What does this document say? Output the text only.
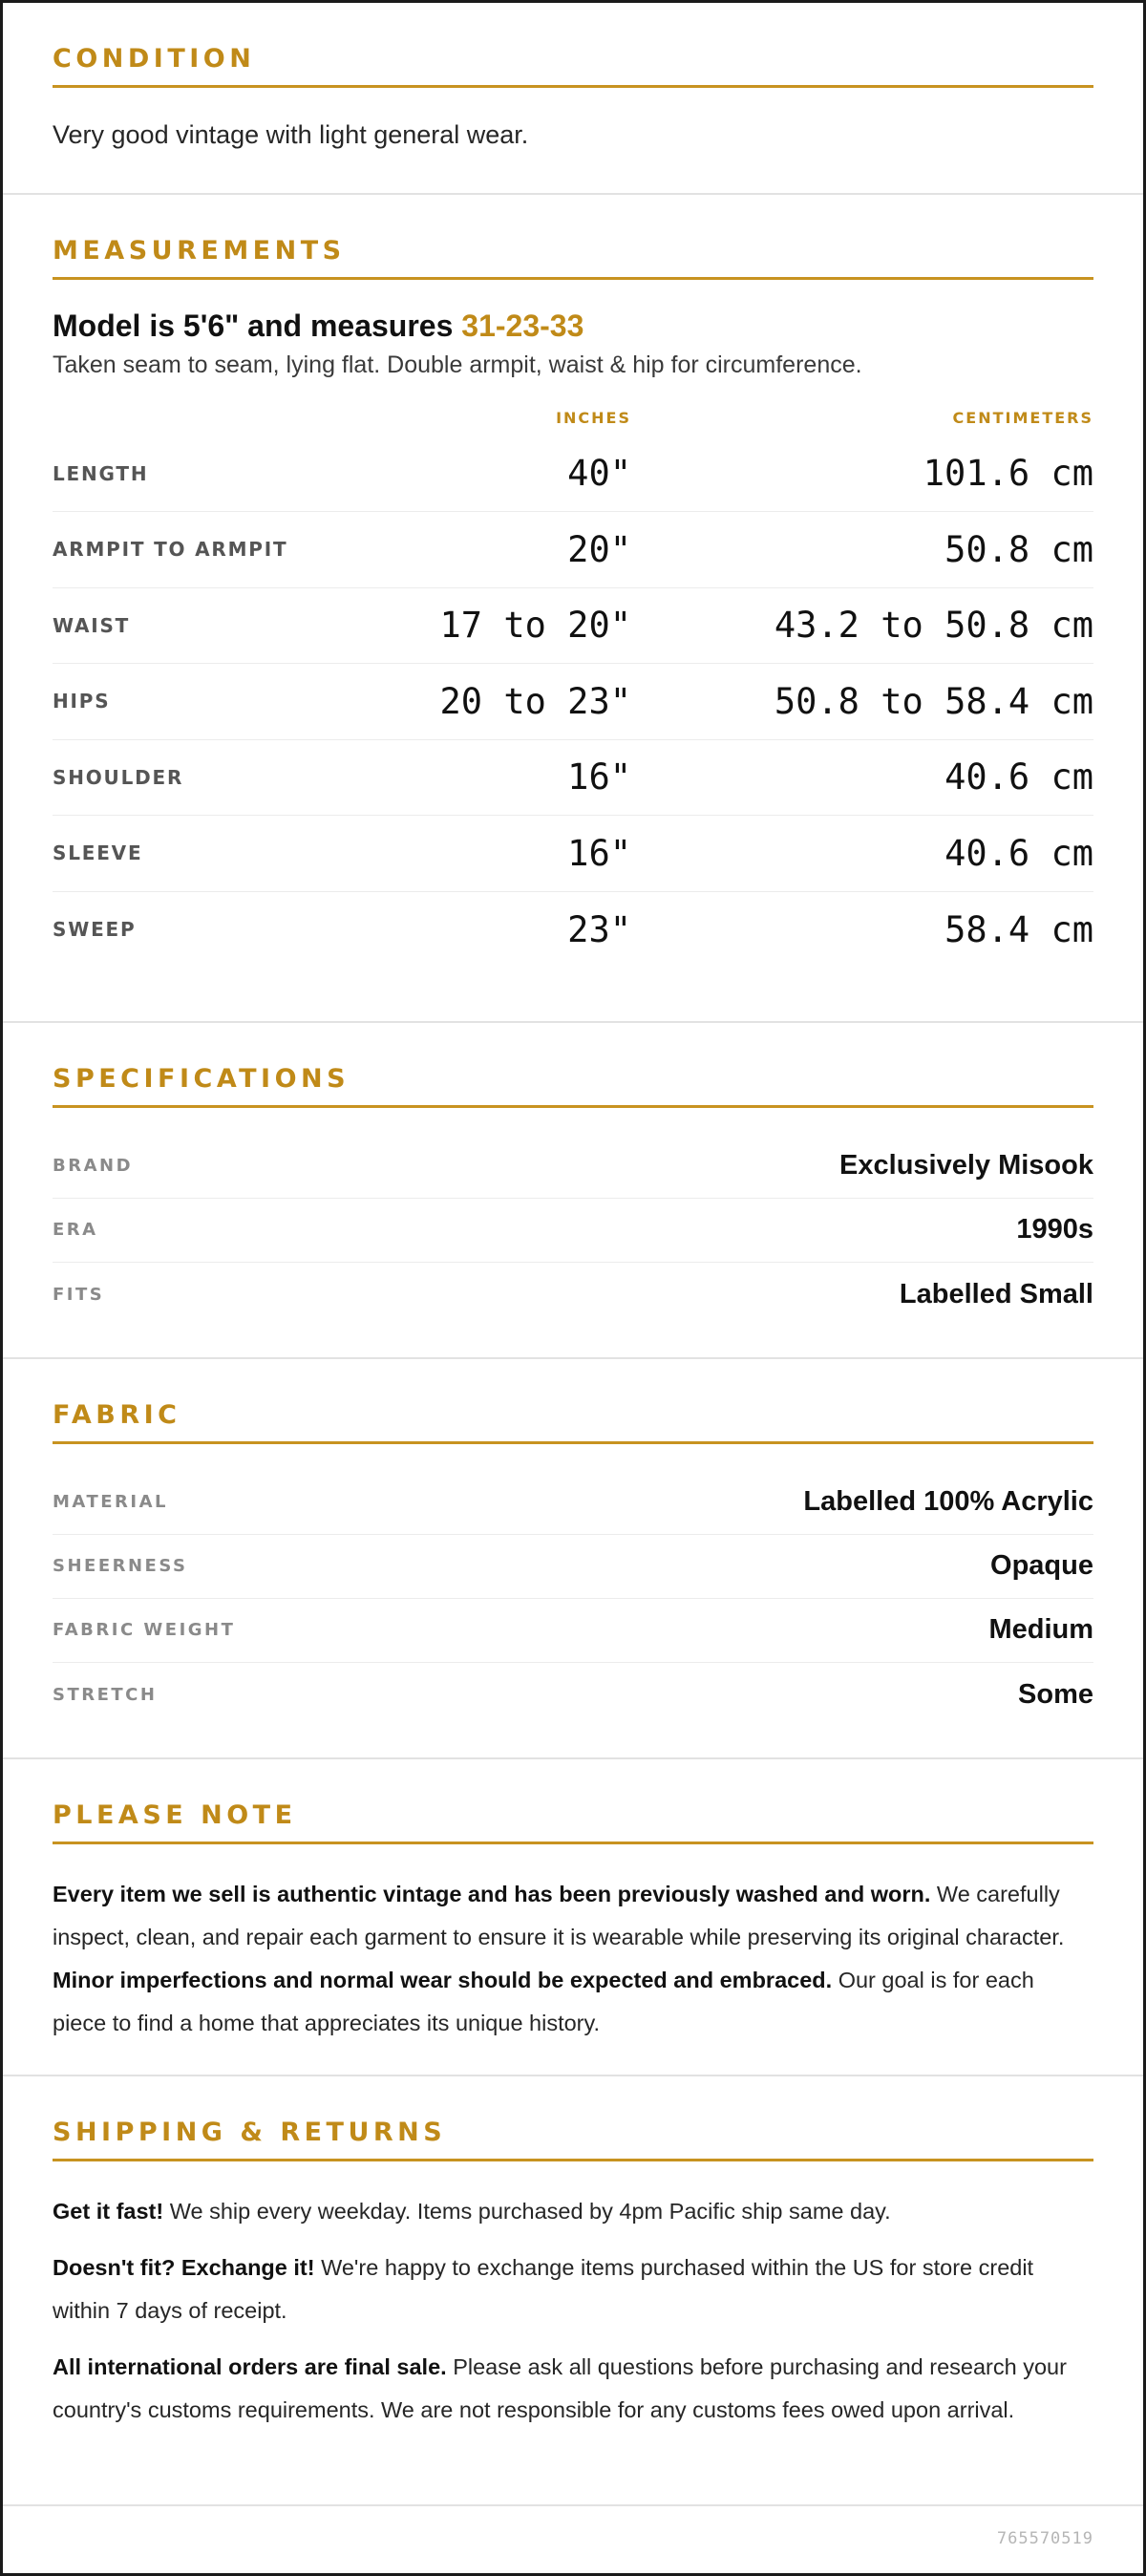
CONDITION

Very good vintage with light general wear.

MEASUREMENTS

Model is 5'6" and measures 31-23-33

Taken seam to seam, lying flat. Double armpit, waist & hip for circumference.

INCHES	CENTIMETERS
LENGTH	40"	101.6 cm
ARMPIT TO ARMPIT	20"	50.8 cm
WAIST	17 to 20"	43.2 to 50.8 cm
HIPS	20 to 23"	50.8 to 58.4 cm
SHOULDER	16"	40.6 cm
SLEEVE	16"	40.6 cm
SWEEP	23"	58.4 cm
SPECIFICATIONS
BRAND	Exclusively Misook
ERA	1990s
FITS	Labelled Small
FABRIC
MATERIAL	Labelled 100% Acrylic
SHEERNESS	Opaque
FABRIC WEIGHT	Medium
STRETCH	Some
PLEASE NOTE

Every item we sell is authentic vintage and has been previously washed and worn. We carefully inspect, clean, and repair each garment to ensure it is wearable while preserving its original character. Minor imperfections and normal wear should be expected and embraced. Our goal is for each piece to find a home that appreciates its unique history.

SHIPPING & RETURNS

Get it fast! We ship every weekday. Items purchased by 4pm Pacific ship same day.

Doesn't fit? Exchange it! We're happy to exchange items purchased within the US for store credit within 7 days of receipt.

All international orders are final sale. Please ask all questions before purchasing and research your country's customs requirements. We are not responsible for any customs fees owed upon arrival.

765570519
